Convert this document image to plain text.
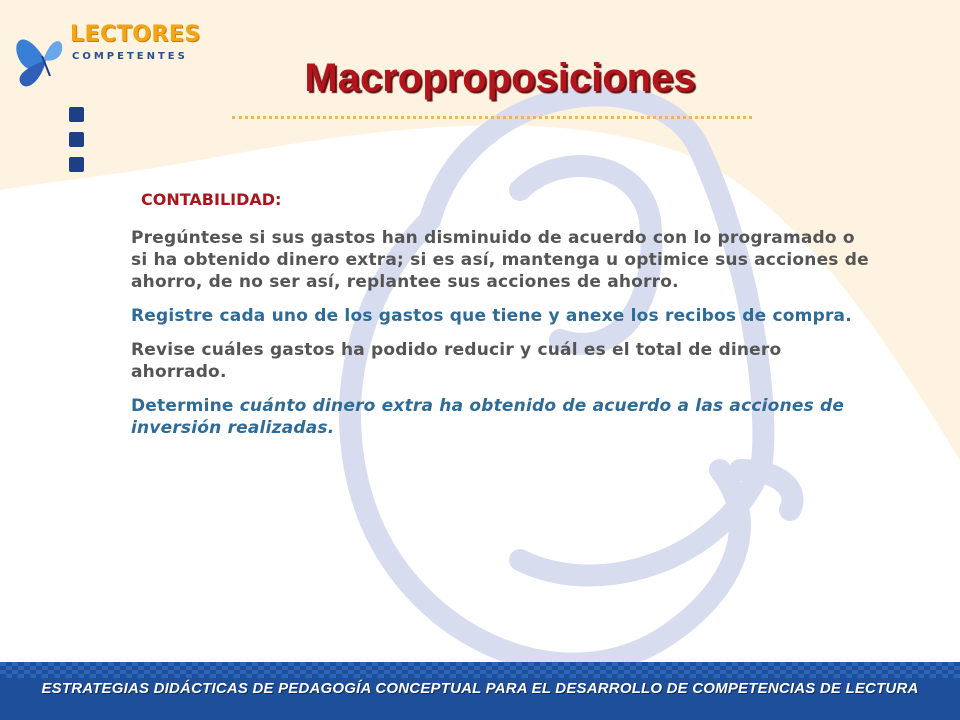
LECTORES
COMPETENTES	Macroproposiciones

CONTABILIDAD:

Pregúntese si sus gastos han disminuido de acuerdo con lo programado o si ha obtenido dinero extra; si es así, mantenga u optimice sus acciones de ahorro, de no ser así, replantee sus acciones de ahorro.

Registre cada uno de los gastos que tiene y anexe los recibos de compra.

Revise cuáles gastos ha podido reducir y cuál es el total de dinero ahorrado.

Determine cuánto dinero extra ha obtenido de acuerdo a las acciones de inversión realizadas.

ESTRATEGIAS DIDÁCTICAS DE PEDAGOGÍA CONCEPTUAL PARA EL DESARROLLO DE COMPETENCIAS DE LECTURA
